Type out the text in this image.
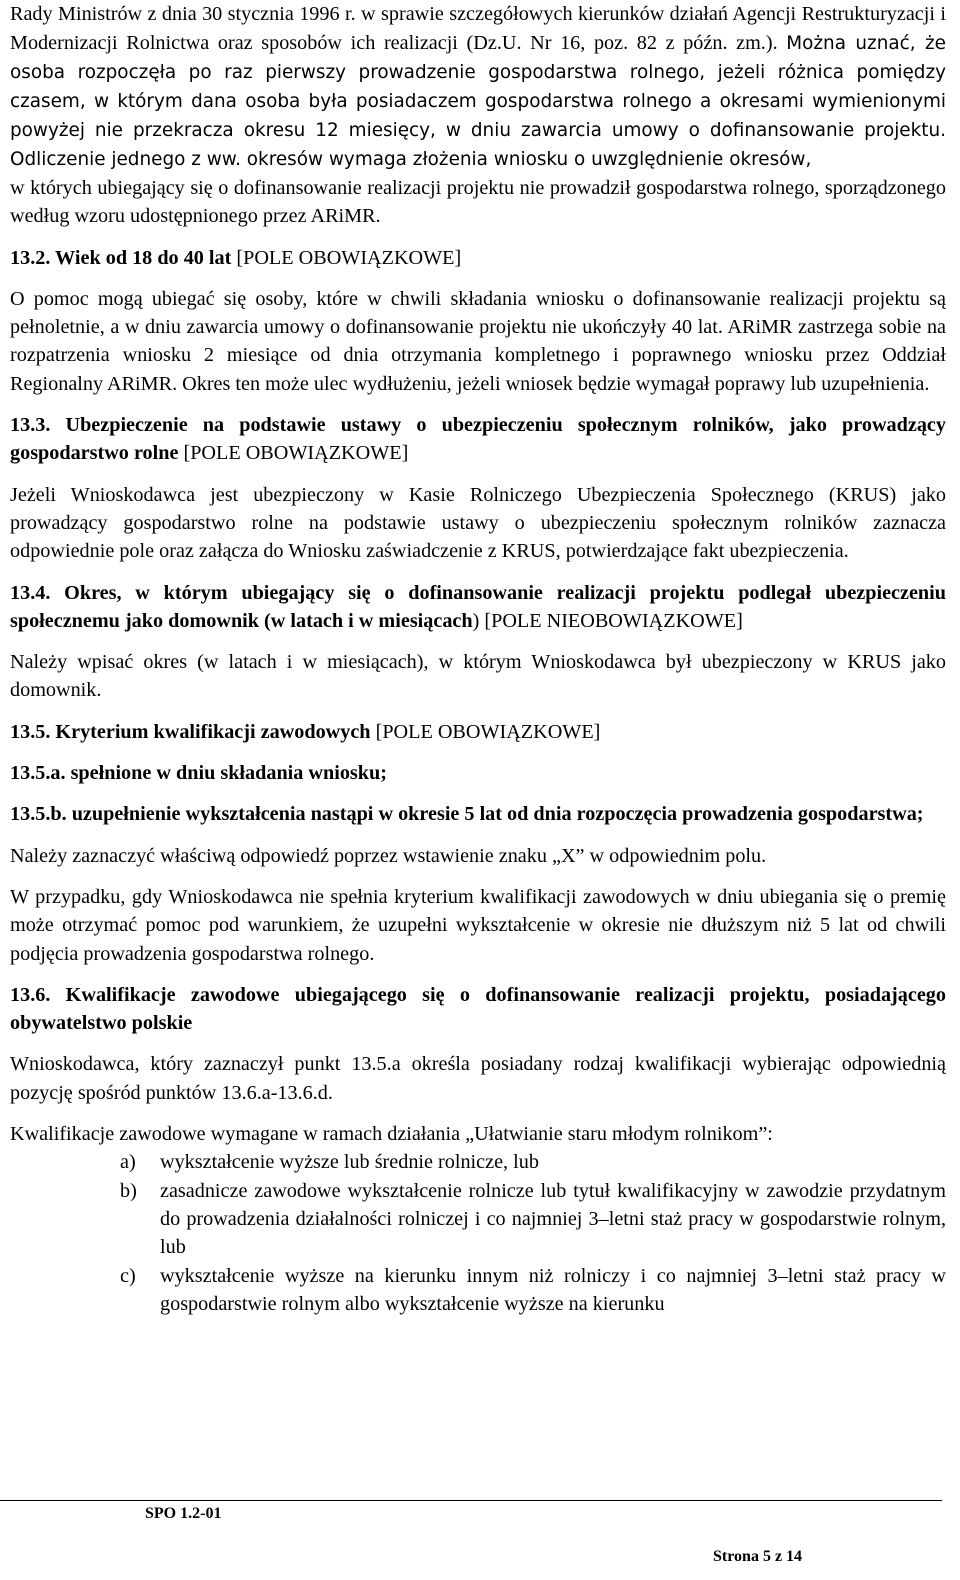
Rady Ministrów z dnia 30 stycznia 1996 r. w sprawie szczegółowych kierunków działań Agencji Restrukturyzacji i Modernizacji Rolnictwa oraz sposobów ich realizacji (Dz.U. Nr 16, poz. 82 z późn. zm.). Można uznać, że osoba rozpoczęła po raz pierwszy prowadzenie gospodarstwa rolnego, jeżeli różnica pomiędzy czasem, w którym dana osoba była posiadaczem gospodarstwa rolnego a okresami wymienionymi powyżej nie przekracza okresu 12 miesięcy, w dniu zawarcia umowy o dofinansowanie projektu. Odliczenie jednego z ww. okresów wymaga złożenia wniosku o uwzględnienie okresów,

w których ubiegający się o dofinansowanie realizacji projektu nie prowadził gospodarstwa rolnego, sporządzonego według wzoru udostępnionego przez ARiMR.

13.2. Wiek od 18 do 40 lat [POLE OBOWIĄZKOWE]

O pomoc mogą ubiegać się osoby, które w chwili składania wniosku o dofinansowanie realizacji projektu są pełnoletnie, a w dniu zawarcia umowy o dofinansowanie projektu nie ukończyły 40 lat. ARiMR zastrzega sobie na rozpatrzenia wniosku 2 miesiące od dnia otrzymania kompletnego i poprawnego wniosku przez Oddział Regionalny ARiMR. Okres ten może ulec wydłużeniu, jeżeli wniosek będzie wymagał poprawy lub uzupełnienia.

13.3. Ubezpieczenie na podstawie ustawy o ubezpieczeniu społecznym rolników, jako prowadzący gospodarstwo rolne [POLE OBOWIĄZKOWE]

Jeżeli Wnioskodawca jest ubezpieczony w Kasie Rolniczego Ubezpieczenia Społecznego (KRUS) jako prowadzący gospodarstwo rolne na podstawie ustawy o ubezpieczeniu społecznym rolników zaznacza odpowiednie pole oraz załącza do Wniosku zaświadczenie z KRUS, potwierdzające fakt ubezpieczenia.

13.4. Okres, w którym ubiegający się o dofinansowanie realizacji projektu podlegał ubezpieczeniu społecznemu jako domownik (w latach i w miesiącach) [POLE NIEOBOWIĄZKOWE]

Należy wpisać okres (w latach i w miesiącach), w którym Wnioskodawca był ubezpieczony w KRUS jako domownik.

13.5. Kryterium kwalifikacji zawodowych [POLE OBOWIĄZKOWE]

13.5.a. spełnione w dniu składania wniosku;

13.5.b. uzupełnienie wykształcenia nastąpi w okresie 5 lat od dnia rozpoczęcia prowadzenia gospodarstwa;

Należy zaznaczyć właściwą odpowiedź poprzez wstawienie znaku „X” w odpowiednim polu.

W przypadku, gdy Wnioskodawca nie spełnia kryterium kwalifikacji zawodowych w dniu ubiegania się o premię może otrzymać pomoc pod warunkiem, że uzupełni wykształcenie w okresie nie dłuższym niż 5 lat od chwili podjęcia prowadzenia gospodarstwa rolnego.

13.6. Kwalifikacje zawodowe ubiegającego się o dofinansowanie realizacji projektu, posiadającego obywatelstwo polskie

Wnioskodawca, który zaznaczył punkt 13.5.a określa posiadany rodzaj kwalifikacji wybierając odpowiednią pozycję spośród punktów 13.6.a-13.6.d.

Kwalifikacje zawodowe wymagane w ramach działania „Ułatwianie staru młodym rolnikom”:

a)	wykształcenie wyższe lub średnie rolnicze, lub
b)	zasadnicze zawodowe wykształcenie rolnicze lub tytuł kwalifikacyjny w zawodzie przydatnym do prowadzenia działalności rolniczej i co najmniej 3–letni staż pracy w gospodarstwie rolnym, lub
c)	wykształcenie wyższe na kierunku innym niż rolniczy i co najmniej 3–letni staż pracy w gospodarstwie rolnym albo wykształcenie wyższe na kierunku
SPO 1.2-01
Strona 5 z 14
